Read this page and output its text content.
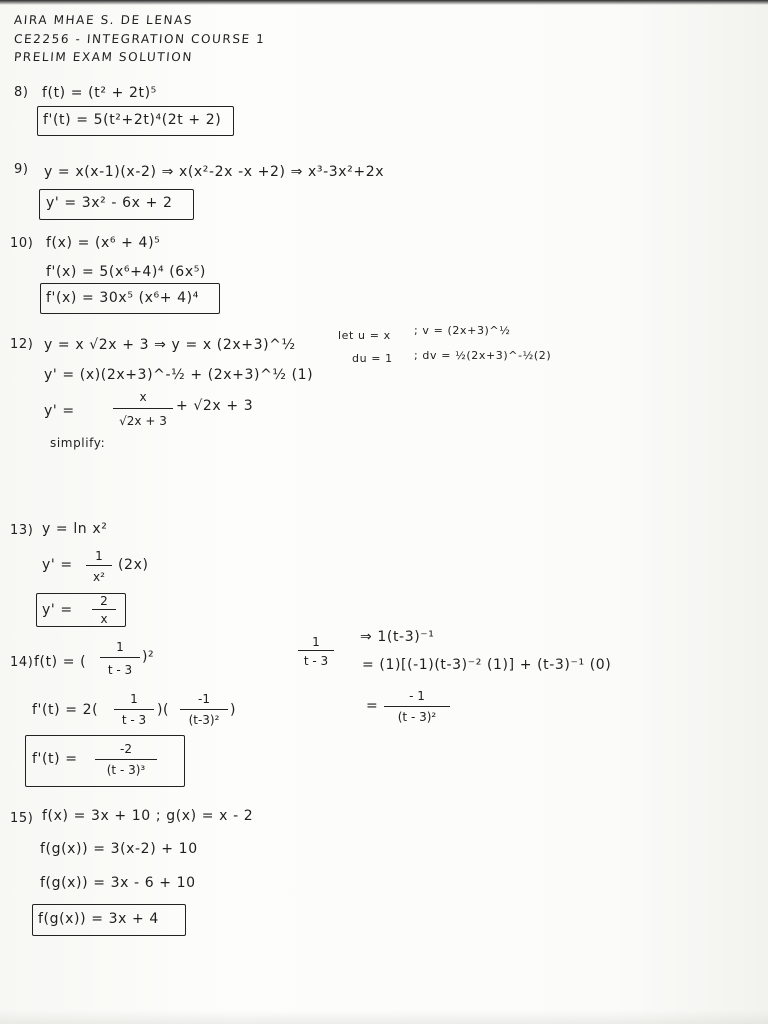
AIRA MHAE S. DE LENAS
CE2256 - INTEGRATION COURSE 1
PRELIM EXAM SOLUTION
8) f(t) = (t² + 2t)⁵
f'(t) = 5(t²+2t)⁴(2t + 2)
9) y = x(x-1)(x-2) ⇒ x(x²-2x -x +2) ⇒ x³-3x²+2x
y' = 3x² - 6x + 2
10) f(x) = (x⁶ + 4)⁵
f'(x) = 5(x⁶+4)⁴ (6x⁵)
f'(x) = 30x⁵ (x⁶+ 4)⁴
12) y = x √2x + 3 ⇒ y = x (2x+3)^½
y' = (x)(2x+3)^-½ + (2x+3)^½ (1)
y' =
x
√2x + 3
+ √2x + 3
simplify:
let u = x ; v = (2x+3)^½
du = 1 ; dv = ½(2x+3)^-½(2)
13) y = ln x²
y' =
1
x²
(2x)
y' =
2
x
14) f(t) = (
1
t - 3
)²
f'(t) = 2(
1
t - 3
)(
-1
(t-3)²
)
f'(t) =
-2
(t - 3)³
1
t - 3
⇒ 1(t-3)⁻¹
= (1)[(-1)(t-3)⁻² (1)] + (t-3)⁻¹ (0)
=
- 1
(t - 3)²
15) f(x) = 3x + 10 ; g(x) = x - 2
f(g(x)) = 3(x-2) + 10
f(g(x)) = 3x - 6 + 10
f(g(x)) = 3x + 4
